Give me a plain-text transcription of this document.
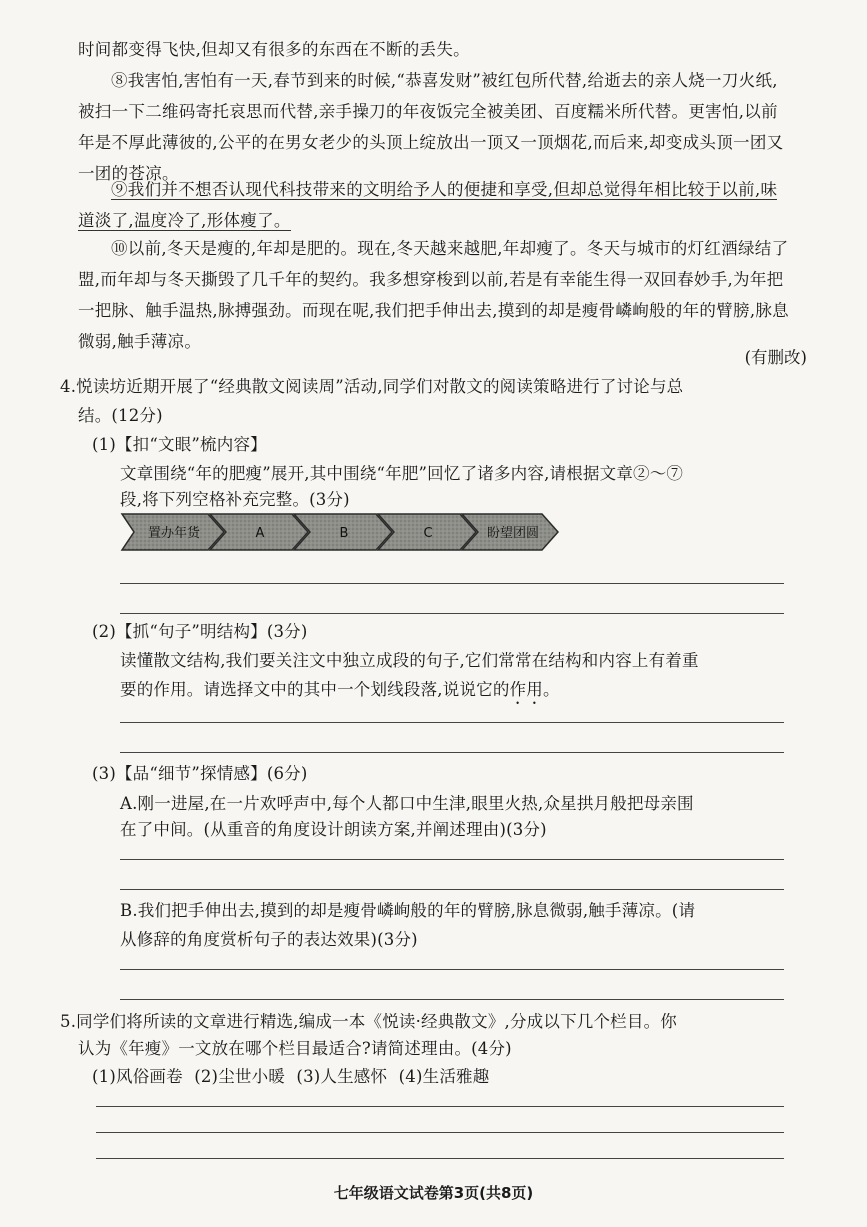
时间都变得飞快,但却又有很多的东西在不断的丢失。
⑧我害怕,害怕有一天,春节到来的时候,“恭喜发财”被红包所代替,给逝去的亲人烧一刀火纸,被扫一下二维码寄托哀思而代替,亲手操刀的年夜饭完全被美团、百度糯米所代替。更害怕,以前年是不厚此薄彼的,公平的在男女老少的头顶上绽放出一顶又一顶烟花,而后来,却变成头顶一团又一团的苍凉。
⑨我们并不想否认现代科技带来的文明给予人的便捷和享受,但却总觉得年相比较于以前,味道淡了,温度冷了,形体瘦了。
⑩以前,冬天是瘦的,年却是肥的。现在,冬天越来越肥,年却瘦了。冬天与城市的灯红酒绿结了盟,而年却与冬天撕毁了几千年的契约。我多想穿梭到以前,若是有幸能生得一双回春妙手,为年把一把脉、触手温热,脉搏强劲。而现在呢,我们把手伸出去,摸到的却是瘦骨嶙峋般的年的臂膀,脉息微弱,触手薄凉。
(有删改)
4.悦读坊近期开展了“经典散文阅读周”活动,同学们对散文的阅读策略进行了讨论与总
结。(12分)
(1)【扣“文眼”梳内容】
文章围绕“年的肥瘦”展开,其中围绕“年肥”回忆了诸多内容,请根据文章②～⑦
段,将下列空格补充完整。(3分)
置办年货	A	B	C	盼望团圆
(2)【抓“句子”明结构】(3分)
读懂散文结构,我们要关注文中独立成段的句子,它们常常在结构和内容上有着重
要的作用。请选择文中的其中一个划线段落,说说它的作用。
(3)【品“细节”探情感】(6分)
A.刚一进屋,在一片欢呼声中,每个人都口中生津,眼里火热,众星拱月般把母亲围
在了中间。(从重音的角度设计朗读方案,并阐述理由)(3分)
B.我们把手伸出去,摸到的却是瘦骨嶙峋般的年的臂膀,脉息微弱,触手薄凉。(请
从修辞的角度赏析句子的表达效果)(3分)
5.同学们将所读的文章进行精选,编成一本《悦读·经典散文》,分成以下几个栏目。你
认为《年瘦》一文放在哪个栏目最适合?请简述理由。(4分)
(1)风俗画卷 (2)尘世小暖 (3)人生感怀 (4)生活雅趣
七年级语文试卷第3页(共8页)
